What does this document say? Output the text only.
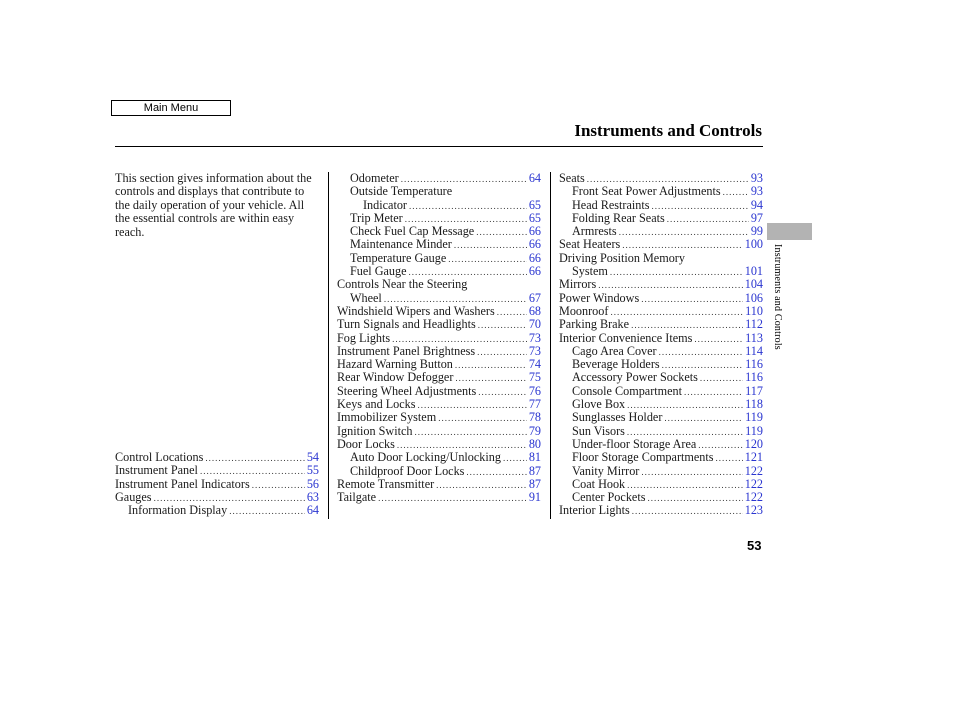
Main Menu
Instruments and Controls
Instruments and Controls

This section gives information about the controls and displays that contribute to the daily operation of your vehicle. All the essential controls are within easy reach.

Control Locations .....	54
Instrument Panel .....	55
Instrument Panel Indicators .....	56
Gauges .....	63
Information Display .....	64
Odometer .....	64
Outside Temperature
Indicator .....	65
Trip Meter .....	65
Check Fuel Cap Message .....	66
Maintenance Minder .....	66
Temperature Gauge .....	66
Fuel Gauge .....	66
Controls Near the Steering
Wheel .....	67
Windshield Wipers and Washers .....	68
Turn Signals and Headlights .....	70
Fog Lights .....	73
Instrument Panel Brightness .....	73
Hazard Warning Button .....	74
Rear Window Defogger .....	75
Steering Wheel Adjustments .....	76
Keys and Locks .....	77
Immobilizer System .....	78
Ignition Switch .....	79
Door Locks .....	80
Auto Door Locking/Unlocking ..... 81
Childproof Door Locks .....	87
Remote Transmitter .....	87
Tailgate .....	91
Seats .....	93
Front Seat Power Adjustments ..... 93
Head Restraints .....	94
Folding Rear Seats .....	97
Armrests .....	99
Seat Heaters .....	100
Driving Position Memory
System .....	101
Mirrors .....	104
Power Windows .....	106
Moonroof .....	110
Parking Brake .....	112
Interior Convenience Items .....	113
Cago Area Cover .....	114
Beverage Holders .....	116
Accessory Power Sockets .....	116
Console Compartment .....	117
Glove Box .....	118
Sunglasses Holder .....	119
Sun Visors .....	119
Under-floor Storage Area .....	120
Floor Storage Compartments .....	121
Vanity Mirror .....	122
Coat Hook .....	122
Center Pockets .....	122
Interior Lights .....	123
53
